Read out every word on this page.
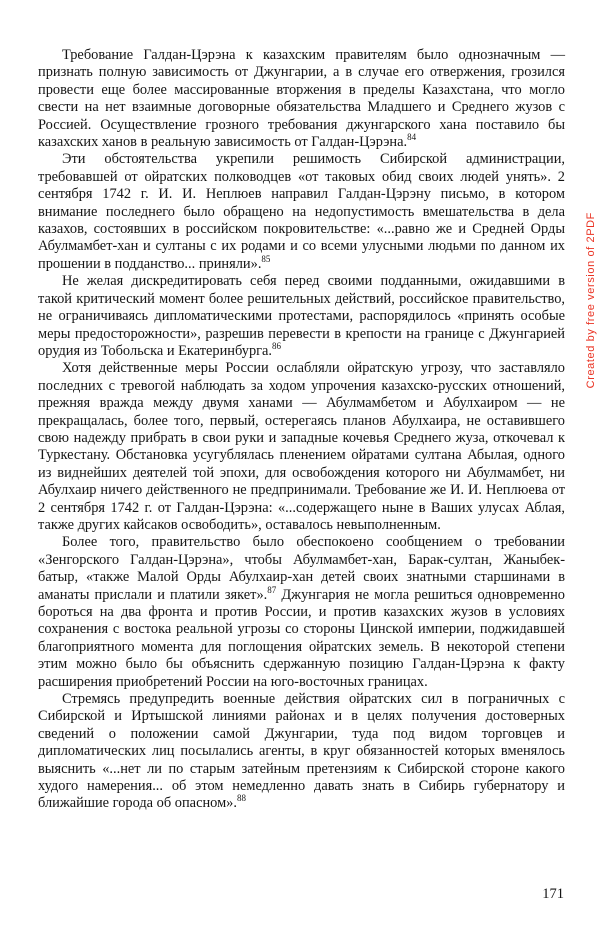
Требование Галдан-Цэрэна к казахским правителям было однозначным — признать полную зависимость от Джунгарии, а в случае его отвержения, грозился провести еще более массированные вторжения в пределы Казахстана, что могло свести на нет взаимные договорные обязательства Младшего и Среднего жузов с Россией. Осуществление грозного требования джунгарского хана поставило бы казахских ханов в реальную зависимость от Галдан-Цэрэна.$^{84}$

Эти обстоятельства укрепили решимость Сибирской администрации, требовавшей от ойратских полководцев «от таковых обид своих людей унять». 2 сентября 1742 г. И. И. Неплюев направил Галдан-Цэрэну письмо, в котором внимание последнего было обращено на недопустимость вмешательства в дела казахов, состоявших в российском покровительстве: «...равно же и Средней Орды Абулмамбет-хан и султаны с их родами и со всеми улусными людьми по данном их прошении в подданство... приняли».$^{85}$

Не желая дискредитировать себя перед своими подданными, ожидавшими в такой критический момент более решительных действий, российское правительство, не ограничиваясь дипломатическими протестами, распорядилось «принять особые меры предосторожности», разрешив перевести в крепости на границе с Джунгарией орудия из Тобольска и Екатеринбурга.$^{86}$

Хотя действенные меры России ослабляли ойратскую угрозу, что заставляло последних с тревогой наблюдать за ходом упрочения казахско-русских отношений, прежняя вражда между двумя ханами — Абулмамбетом и Абулхаиром — не прекращалась, более того, первый, остерегаясь планов Абулхаира, не оставившего свою надежду прибрать в свои руки и западные кочевья Среднего жуза, откочевал к Туркестану. Обстановка усугублялась пленением ойратами султана Абылая, одного из виднейших деятелей той эпохи, для освобождения которого ни Абулмамбет, ни Абулхаир ничего действенного не предпринимали. Требование же И. И. Неплюева от 2 сентября 1742 г. от Галдан-Цэрэна: «...содержащего ныне в Ваших улусах Аблая, также других кайсаков освободить», оставалось невыполненным.

Более того, правительство было обеспокоено сообщением о требовании «Зенгорского Галдан-Цэрэна», чтобы Абулмамбет-хан, Барак-султан, Жаныбек-батыр, «также Малой Орды Абулхаир-хан детей своих знатными старшинами в аманаты прислали и платили зякет».$^{87}$ Джунгария не могла решиться одновременно бороться на два фронта и против России, и против казахских жузов в условиях сохранения с востока реальной угрозы со стороны Цинской империи, поджидавшей благоприятного момента для поглощения ойратских земель. В некоторой степени этим можно было бы объяснить сдержанную позицию Галдан-Цэрэна к факту расширения приобретений России на юго-восточных границах.

Стремясь предупредить военные действия ойратских сил в пограничных с Сибирской и Иртышской линиями районах и в целях получения достоверных сведений о положении самой Джунгарии, туда под видом торговцев и дипломатических лиц посылались агенты, в круг обязанностей которых вменялось выяснить «...нет ли по старым затейным претензиям к Сибирской стороне какого худого намерения... об этом немедленно давать знать в Сибирь губернатору и ближайшие города об опасном».$^{88}$

Created by free version of 2PDF
171
